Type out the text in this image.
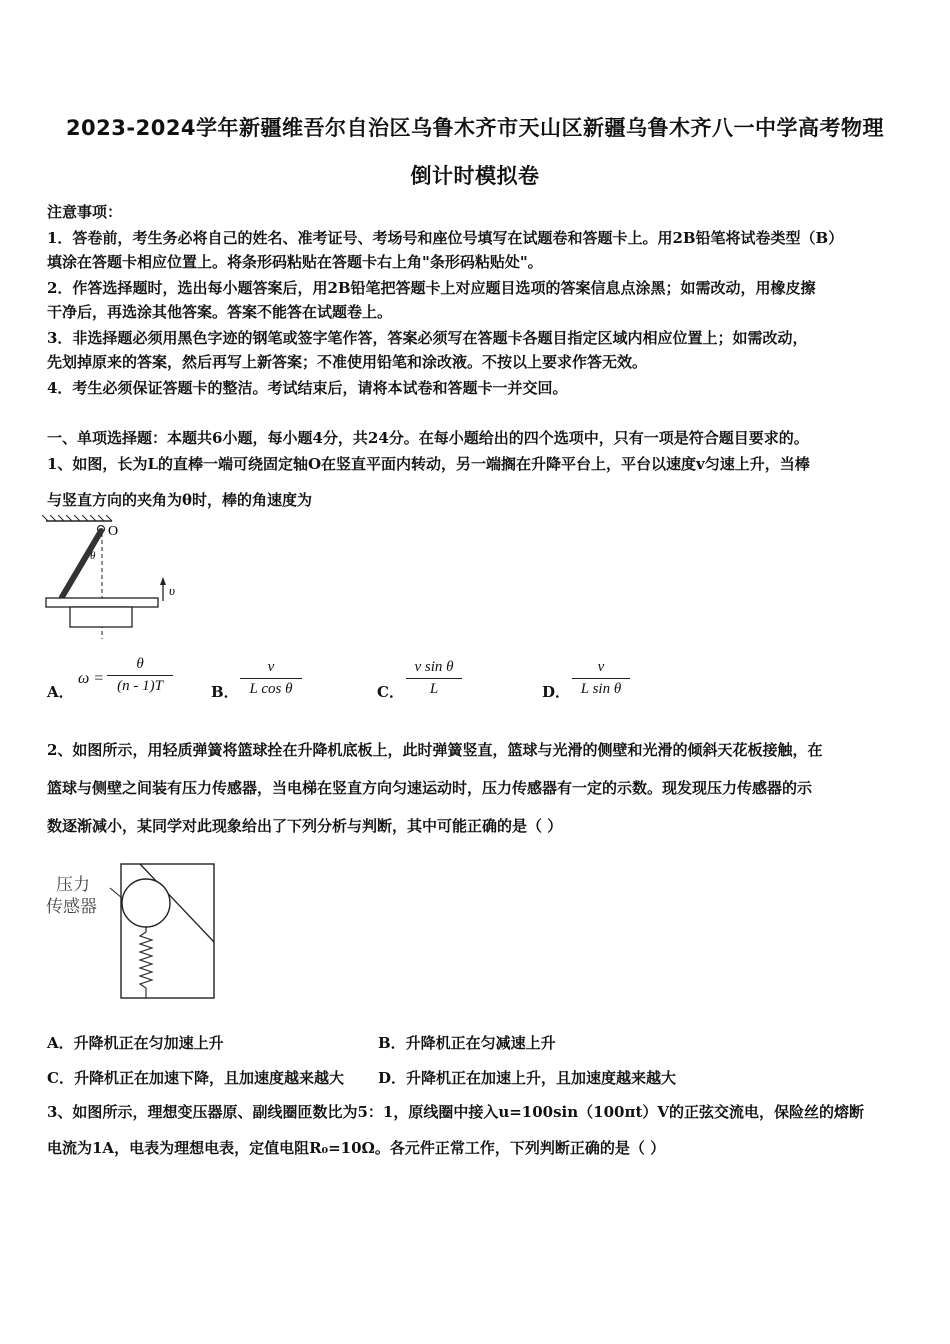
2023-2024学年新疆维吾尔自治区乌鲁木齐市天山区新疆乌鲁木齐八一中学高考物理
倒计时模拟卷
注意事项：
1．答卷前，考生务必将自己的姓名、准考证号、考场号和座位号填写在试题卷和答题卡上。用2B铅笔将试卷类型（B）
填涂在答题卡相应位置上。将条形码粘贴在答题卡右上角"条形码粘贴处"。
2．作答选择题时，选出每小题答案后，用2B铅笔把答题卡上对应题目选项的答案信息点涂黑；如需改动，用橡皮擦
干净后，再选涂其他答案。答案不能答在试题卷上。
3．非选择题必须用黑色字迹的钢笔或签字笔作答，答案必须写在答题卡各题目指定区域内相应位置上；如需改动，
先划掉原来的答案，然后再写上新答案；不准使用铅笔和涂改液。不按以上要求作答无效。
4．考生必须保证答题卡的整洁。考试结束后，请将本试卷和答题卡一并交回。
一、单项选择题：本题共6小题，每小题4分，共24分。在每小题给出的四个选项中，只有一项是符合题目要求的。
1、如图，长为L的直棒一端可绕固定轴O在竖直平面内转动，另一端搁在升降平台上，平台以速度v匀速上升，当棒
与竖直方向的夹角为θ时，棒的角速度为
O
θ
υ
A．
ω =
θ
(n - 1)T	B．
v
L cos θ	C．
v sin θ
L	D．
v
L sin θ
2、如图所示，用轻质弹簧将篮球拴在升降机底板上，此时弹簧竖直，篮球与光滑的侧壁和光滑的倾斜天花板接触，在
篮球与侧壁之间装有压力传感器，当电梯在竖直方向匀速运动时，压力传感器有一定的示数。现发现压力传感器的示
数逐渐减小，某同学对此现象给出了下列分析与判断，其中可能正确的是（ ）
压力
传感器
A．升降机正在匀加速上升	B．升降机正在匀减速上升
C．升降机正在加速下降，且加速度越来越大 D．升降机正在加速上升，且加速度越来越大
3、如图所示，理想变压器原、副线圈匝数比为5：1，原线圈中接入u=100sin（100πt）V的正弦交流电，保险丝的熔断
电流为1A，电表为理想电表，定值电阻R₀=10Ω。各元件正常工作，下列判断正确的是（ ）
